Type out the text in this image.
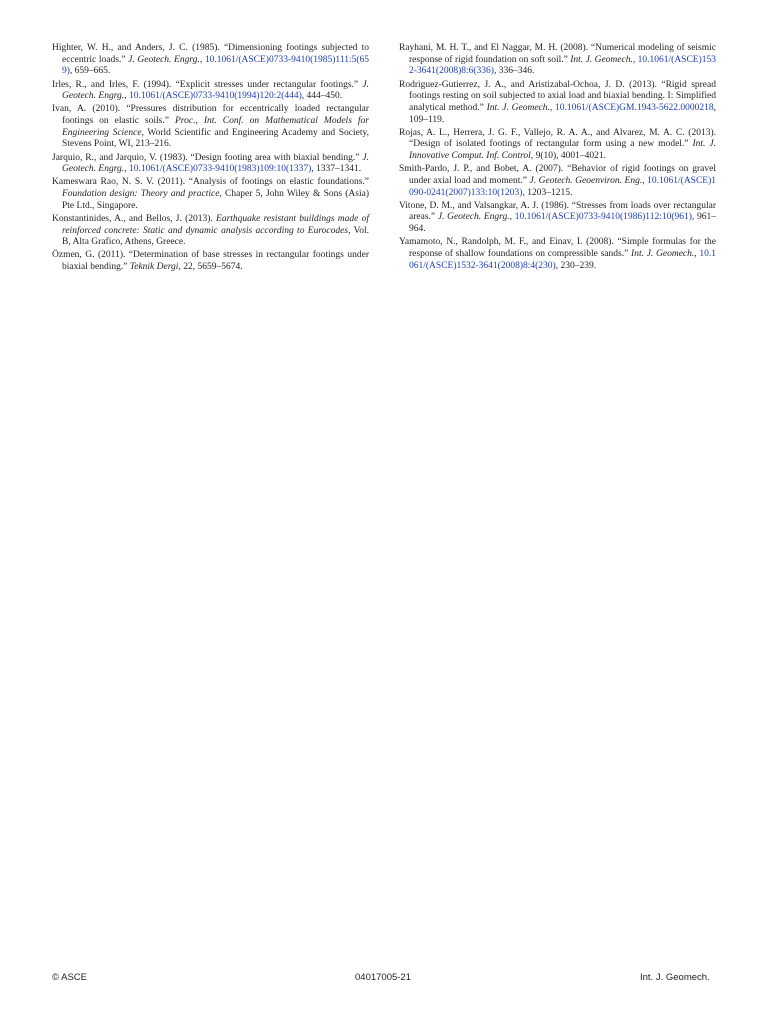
Highter, W. H., and Anders, J. C. (1985). “Dimensioning footings subjected to eccentric loads.” J. Geotech. Engrg., 10.1061/(ASCE)0733-9410(1985)111:5(659), 659–665.

Irles, R., and Irles, F. (1994). “Explicit stresses under rectangular footings.” J. Geotech. Engrg., 10.1061/(ASCE)0733-9410(1994)120:2(444), 444–450.

Ivan, A. (2010). “Pressures distribution for eccentrically loaded rectangular footings on elastic soils.” Proc., Int. Conf. on Mathematical Models for Engineering Science, World Scientific and Engineering Academy and Society, Stevens Point, WI, 213–216.

Jarquio, R., and Jarquio, V. (1983). “Design footing area with biaxial bending.” J. Geotech. Engrg., 10.1061/(ASCE)0733-9410(1983)109:10(1337), 1337–1341.

Kameswara Rao, N. S. V. (2011). “Analysis of footings on elastic foundations.” Foundation design: Theory and practice, Chaper 5, John Wiley & Sons (Asia) Pte Ltd., Singapore.

Konstantinides, A., and Bellos, J. (2013). Earthquake resistant buildings made of reinforced concrete: Static and dynamic analysis according to Eurocodes, Vol. B, Alta Grafico, Athens, Greece.

Özmen, G. (2011). “Determination of base stresses in rectangular footings under biaxial bending.” Teknik Dergi, 22, 5659–5674.

Rayhani, M. H. T., and El Naggar, M. H. (2008). “Numerical modeling of seismic response of rigid foundation on soft soil.” Int. J. Geomech., 10.1061/(ASCE)1532-3641(2008)8:6(336), 336–346.

Rodriguez-Gutierrez, J. A., and Aristizabal-Ochoa, J. D. (2013). “Rigid spread footings resting on soil subjected to axial load and biaxial bending. I: Simplified analytical method.” Int. J. Geomech., 10.1061/(ASCE)GM.1943-5622.0000218, 109–119.

Rojas, A. L., Herrera, J. G. F., Vallejo, R. A. A., and Alvarez, M. A. C. (2013). “Design of isolated footings of rectangular form using a new model.” Int. J. Innovative Comput. Inf. Control, 9(10), 4001–4021.

Smith-Pardo, J. P., and Bobet, A. (2007). “Behavior of rigid footings on gravel under axial load and moment.” J. Geotech. Geoenviron. Eng., 10.1061/(ASCE)1090-0241(2007)133:10(1203), 1203–1215.

Vitone, D. M., and Valsangkar, A. J. (1986). “Stresses from loads over rectangular areas.” J. Geotech. Engrg., 10.1061/(ASCE)0733-9410(1986)112:10(961), 961–964.

Yamamoto, N., Randolph, M. F., and Einav, I. (2008). “Simple formulas for the response of shallow foundations on compressible sands.” Int. J. Geomech., 10.1061/(ASCE)1532-3641(2008)8:4(230), 230–239.

© ASCE	04017005-21	Int. J. Geomech.
